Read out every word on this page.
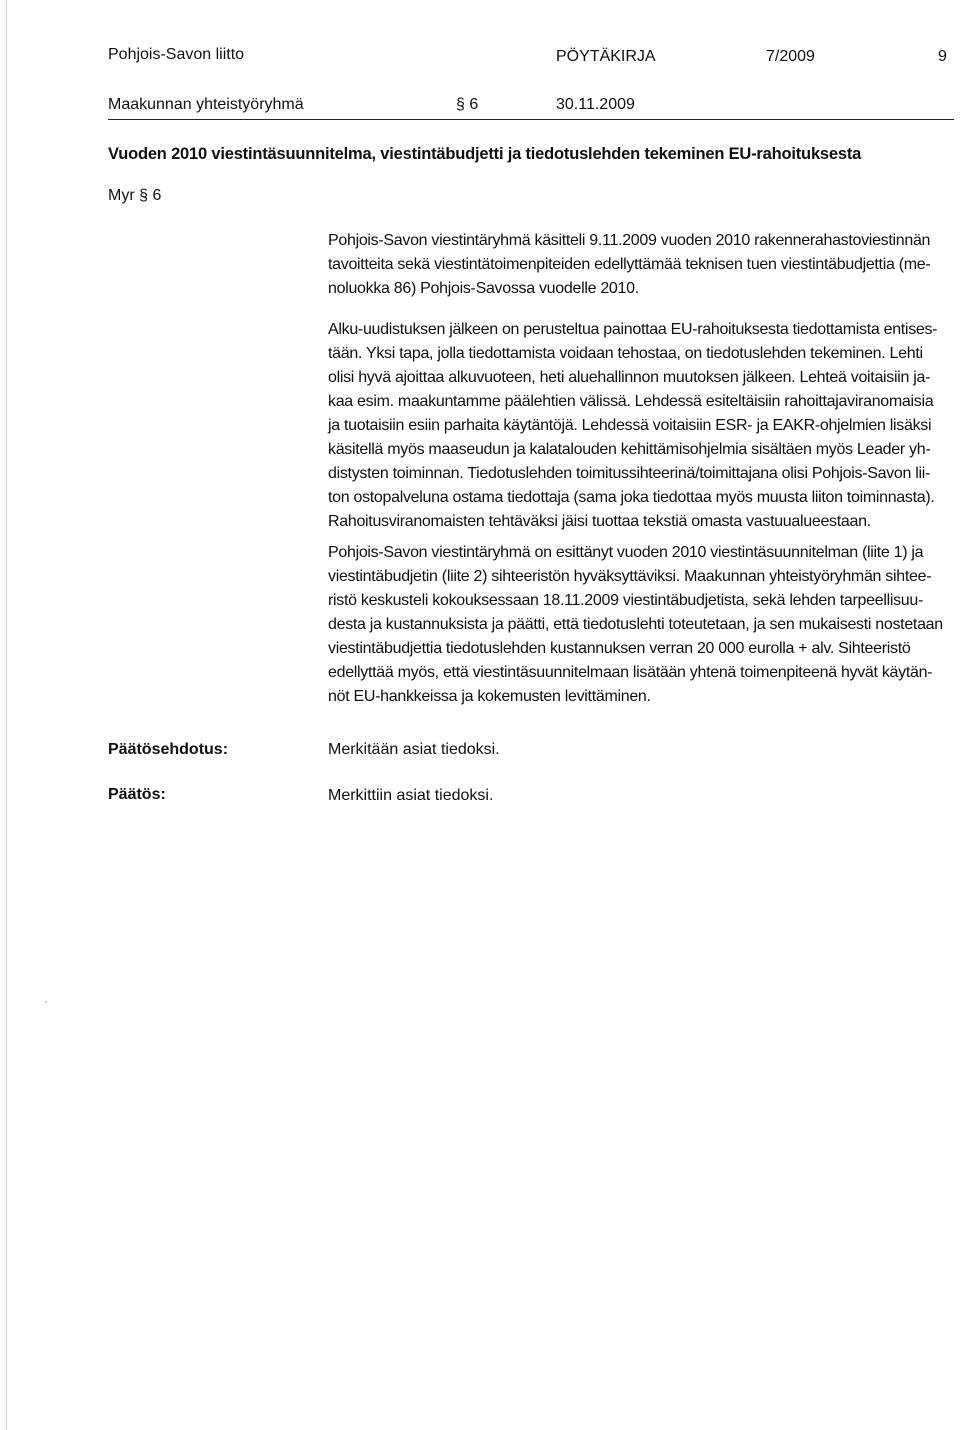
Pohjois-Savon liitto	PÖYTÄKIRJA	7/2009	9
Maakunnan yhteistyöryhmä	§ 6	30.11.2009
Vuoden 2010 viestintäsuunnitelma, viestintäbudjetti ja tiedotuslehden tekeminen EU-rahoituksesta
Myr § 6
Pohjois-Savon viestintäryhmä käsitteli 9.11.2009 vuoden 2010 rakennerahastoviestinnän
tavoitteita sekä viestintätoimenpiteiden edellyttämää teknisen tuen viestintäbudjettia (me-
noluokka 86) Pohjois-Savossa vuodelle 2010.
Alku-uudistuksen jälkeen on perusteltua painottaa EU-rahoituksesta tiedottamista entises-
tään. Yksi tapa, jolla tiedottamista voidaan tehostaa, on tiedotuslehden tekeminen. Lehti
olisi hyvä ajoittaa alkuvuoteen, heti aluehallinnon muutoksen jälkeen. Lehteä voitaisiin ja-
kaa esim. maakuntamme päälehtien välissä. Lehdessä esiteltäisiin rahoittajaviranomaisia
ja tuotaisiin esiin parhaita käytäntöjä. Lehdessä voitaisiin ESR- ja EAKR-ohjelmien lisäksi
käsitellä myös maaseudun ja kalatalouden kehittämisohjelmia sisältäen myös Leader yh-
distysten toiminnan. Tiedotuslehden toimitussihteerinä/toimittajana olisi Pohjois-Savon lii-
ton ostopalveluna ostama tiedottaja (sama joka tiedottaa myös muusta liiton toiminnasta).
Rahoitusviranomaisten tehtäväksi jäisi tuottaa tekstiä omasta vastuualueestaan.
Pohjois-Savon viestintäryhmä on esittänyt vuoden 2010 viestintäsuunnitelman (liite 1) ja
viestintäbudjetin (liite 2) sihteeristön hyväksyttäviksi. Maakunnan yhteistyöryhmän sihtee-
ristö keskusteli kokouksessaan 18.11.2009 viestintäbudjetista, sekä lehden tarpeellisuu-
desta ja kustannuksista ja päätti, että tiedotuslehti toteutetaan, ja sen mukaisesti nostetaan
viestintäbudjettia tiedotuslehden kustannuksen verran 20 000 eurolla + alv. Sihteeristö
edellyttää myös, että viestintäsuunnitelmaan lisätään yhtenä toimenpiteenä hyvät käytän-
nöt EU-hankkeissa ja kokemusten levittäminen.
Päätösehdotus:	Merkitään asiat tiedoksi.
Päätös:	Merkittiin asiat tiedoksi.
